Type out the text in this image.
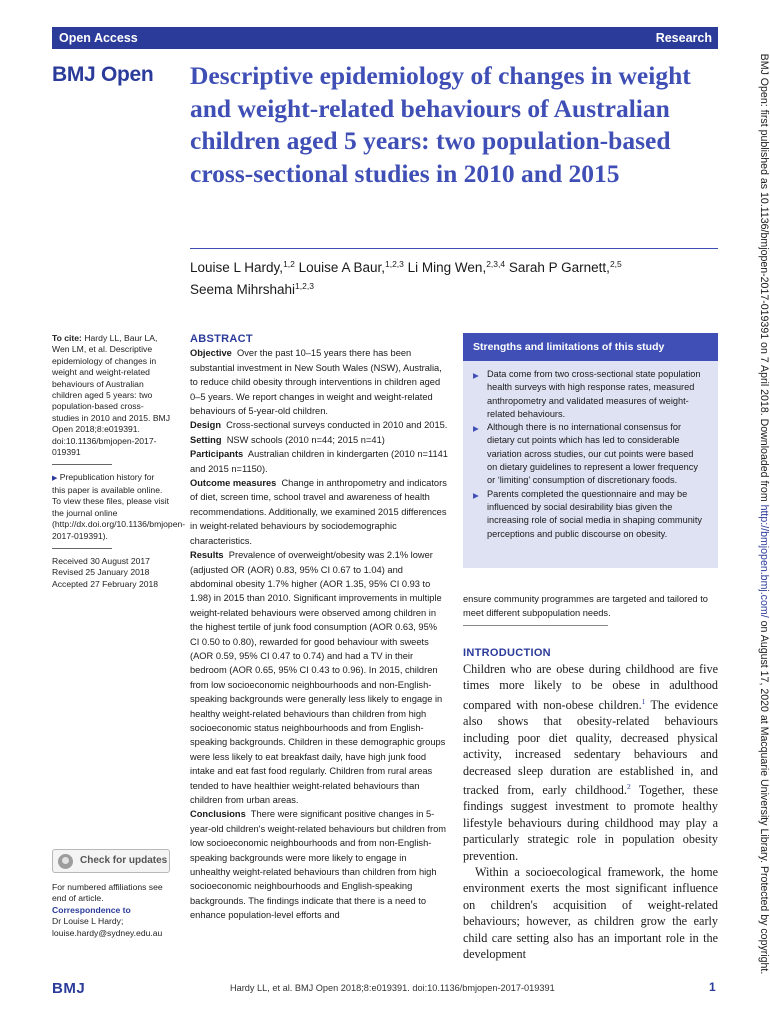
Open Access	Research
BMJ Open Descriptive epidemiology of changes in weight and weight-related behaviours of Australian children aged 5 years: two population-based cross-sectional studies in 2010 and 2015
Louise L Hardy,$^{1,2}$ Louise A Baur,$^{1,2,3}$ Li Ming Wen,$^{2,3,4}$ Sarah P Garnett,$^{2,5}$
Seema Mihrshahi$^{1,2,3}$
To cite: Hardy LL, Baur LA, Wen LM, et al. Descriptive epidemiology of changes in weight and weight-related behaviours of Australian children aged 5 years: two population-based cross-studies in 2010 and 2015. BMJ Open 2018;8:e019391. doi:10.1136/bmjopen-2017-019391
▶ Prepublication history for this paper is available online. To view these files, please visit the journal online (http://dx.doi.org/10.1136/bmjopen-2017-019391).
Received 30 August 2017
Revised 25 January 2018
Accepted 27 February 2018
Check for updates
For numbered affiliations see end of article.
Correspondence to
Dr Louise L Hardy;
louise.hardy@sydney.edu.au
ABSTRACT
Objective Over the past 10–15 years there has been substantial investment in New South Wales (NSW), Australia, to reduce child obesity through interventions in children aged 0–5 years. We report changes in weight and weight-related behaviours of 5-year-old children.
Design Cross-sectional surveys conducted in 2010 and 2015.
Setting NSW schools (2010 n=44; 2015 n=41)
Participants Australian children in kindergarten (2010 n=1141 and 2015 n=1150).
Outcome measures Change in anthropometry and indicators of diet, screen time, school travel and awareness of health recommendations. Additionally, we examined 2015 differences in weight-related behaviours by sociodemographic characteristics.
Results Prevalence of overweight/obesity was 2.1% lower (adjusted OR (AOR) 0.83, 95% CI 0.67 to 1.04) and abdominal obesity 1.7% higher (AOR 1.35, 95% CI 0.93 to 1.98) in 2015 than 2010. Significant improvements in multiple weight-related behaviours were observed among children in the highest tertile of junk food consumption (AOR 0.63, 95% CI 0.50 to 0.80), rewarded for good behaviour with sweets (AOR 0.59, 95% CI 0.47 to 0.74) and had a TV in their bedroom (AOR 0.65, 95% CI 0.43 to 0.96). In 2015, children from low socioeconomic neighbourhoods and non-English-speaking backgrounds were generally less likely to engage in healthy weight-related behaviours than children from high socioeconomic status neighbourhoods and from English-speaking backgrounds. Children in these demographic groups were less likely to eat breakfast daily, have high junk food intake and eat fast food regularly. Children from rural areas tended to have healthier weight-related behaviours than children from urban areas.
Conclusions There were significant positive changes in 5-year-old children's weight-related behaviours but children from low socioeconomic neighbourhoods and from non-English-speaking backgrounds were more likely to engage in unhealthy weight-related behaviours than children from high socioeconomic neighbourhoods and English-speaking backgrounds. The findings indicate that there is a need to enhance population-level efforts and
Strengths and limitations of this study
▶ Data come from two cross-sectional state population health surveys with high response rates, measured anthropometry and validated measures of weight-related behaviours.
▶ Although there is no international consensus for dietary cut points which has led to considerable variation across studies, our cut points were based on dietary guidelines to represent a lower frequency or ‘limiting’ consumption of discretionary foods.
▶ Parents completed the questionnaire and may be influenced by social desirability bias given the increasing role of social media in shaping community perceptions and public discourse on obesity.
ensure community programmes are targeted and tailored to meet different subpopulation needs.
INTRODUCTION

Children who are obese during childhood are five times more likely to be obese in adulthood compared with non-obese children.$^1$ The evidence also shows that obesity-related behaviours including poor diet quality, decreased physical activity, increased sedentary behaviours and decreased sleep duration are established in, and tracked from, early childhood.$^2$ Together, these findings suggest investment to promote healthy lifestyle behaviours during childhood may play a particularly strategic role in population obesity prevention.

Within a socioecological framework, the home environment exerts the most significant influence on children's acquisition of weight-related behaviours; however, as children grow the early child care setting also has an important role in the development

BMJ	Hardy LL, et al. BMJ Open 2018;8:e019391. doi:10.1136/bmjopen-2017-019391	1
BMJ Open: first published as 10.1136/bmjopen-2017-019391 on 7 April 2018. Downloaded from http://bmjopen.bmj.com/ on August 17, 2020 at Macquarie University Library. Protected by copyright.
